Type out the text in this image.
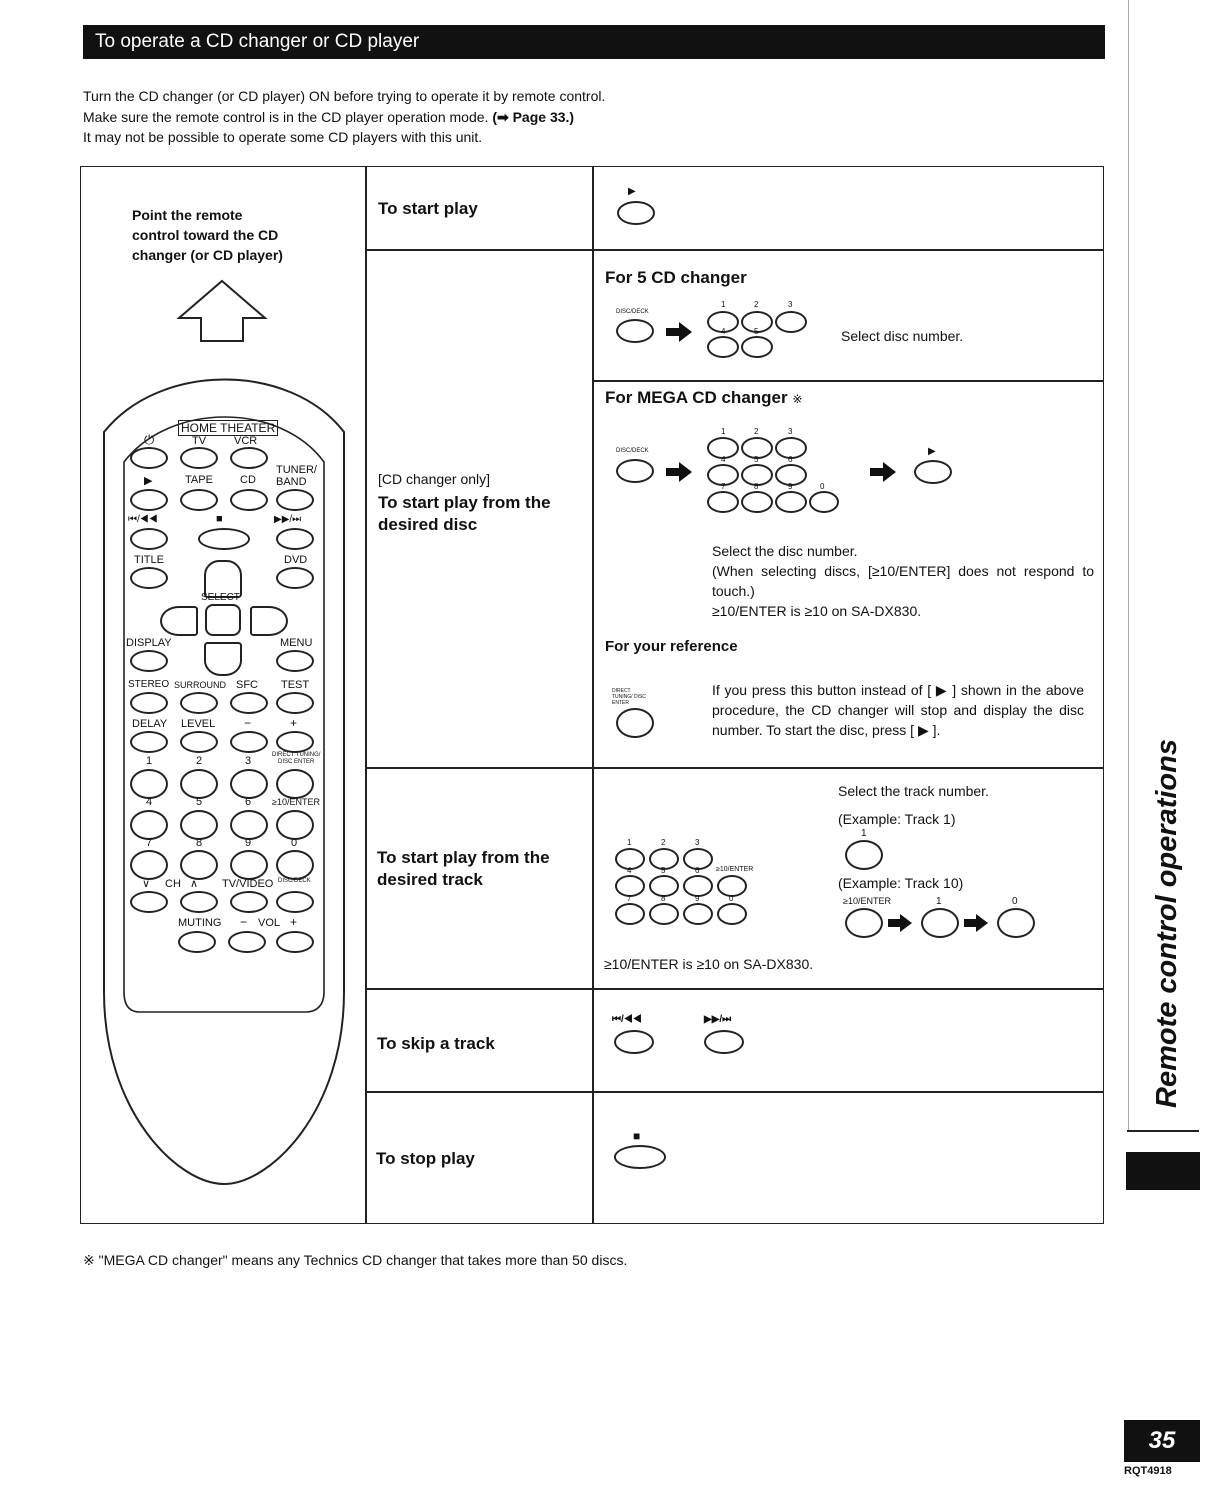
To operate a CD changer or CD player
Turn the CD changer (or CD player) ON before trying to operate it by remote control.
Make sure the remote control is in the CD player operation mode. (➡ Page 33.)
It may not be possible to operate some CD players with this unit.
Point the remote
control toward the CD
changer (or CD player)
HOME THEATER
TV	VCR
⏻
▶	TAPE CD
TUNER/
BAND
⏮/◀◀	■	▶▶/⏭
TITLE	DVD
SELECT
DISPLAY	MENU
STEREO SURROUND SFC TEST
DELAY LEVEL −	+
DIRECT TUNING/
DISC ENTER
1	2	3
4	5	6 ≥10/ENTER
7	8	9	0
∨ CH ∧ TV/VIDEO DISC/DECK
MUTING − VOL +
To start play
▶
[CD changer only]
To start play from the
desired disc
For 5 CD changer
DISC/DECK
1	2	3
4	5	Select disc number.
For MEGA CD changer ※
DISC/DECK
1	2	3
4	5	6
7	8	9	0
▶
Select the disc number.
(When selecting discs, [≥10/ENTER] does not respond to touch.)
≥10/ENTER is ≥10 on SA-DX830.
For your reference
DIRECT TUNING/ DISC ENTER
If you press this button instead of [ ▶ ] shown in the above procedure, the CD changer will stop and display the disc number. To start the disc, press [ ▶ ].
To start play from the
desired track
Select the track number.
(Example: Track 1)
1
(Example: Track 10)
≥10/ENTER	1	0
1	2	3
4	5	6 ≥10/ENTER
7	8	9	0
≥10/ENTER is ≥10 on SA-DX830.
To skip a track
⏮/◀◀	▶▶/⏭
To stop play
■
※ "MEGA CD changer" means any Technics CD changer that takes more than 50 discs.
Remote control operations
35
RQT4918
